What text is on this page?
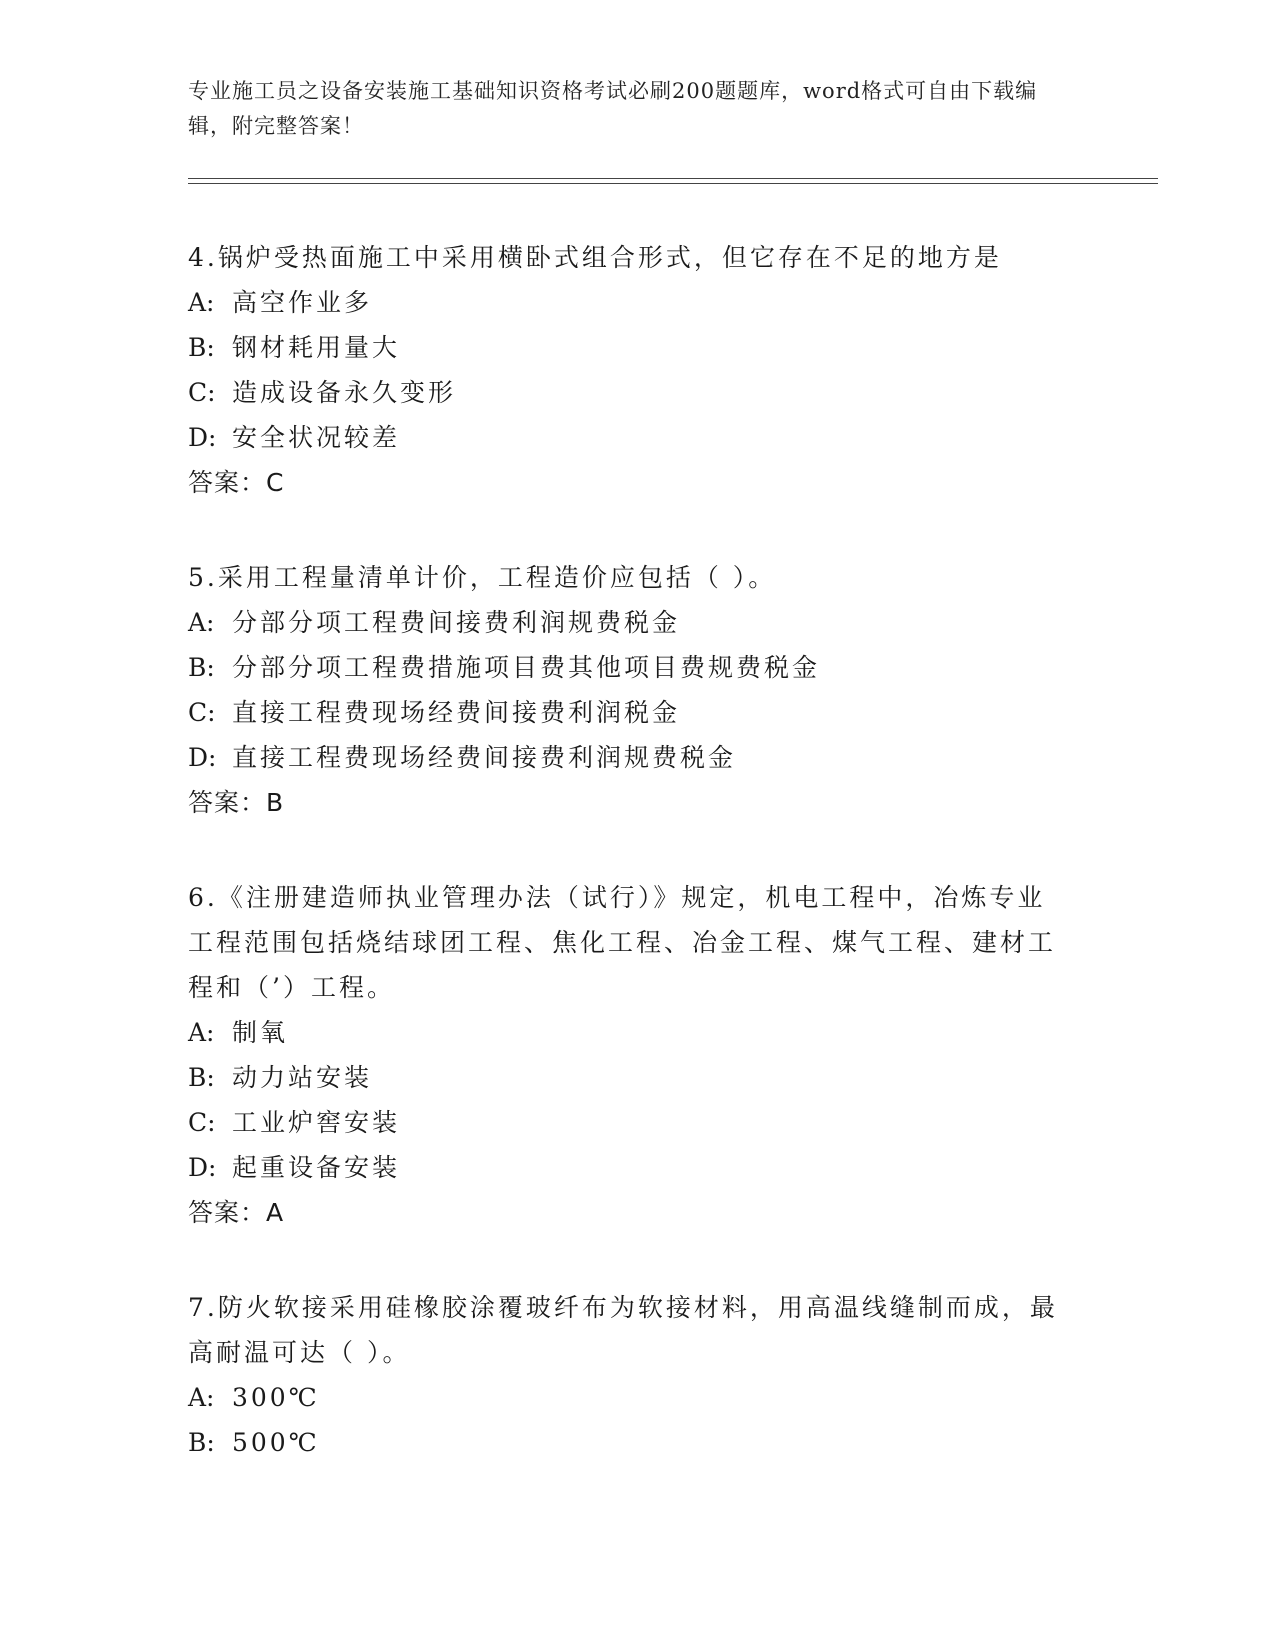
专业施工员之设备安装施工基础知识资格考试必刷200题题库，word格式可自由下载编辑，附完整答案！

4.锅炉受热面施工中采用横卧式组合形式，但它存在不足的地方是

A: 高空作业多

B: 钢材耗用量大

C: 造成设备永久变形

D: 安全状况较差

答案：C

5.采用工程量清单计价，工程造价应包括（ ）。

A: 分部分项工程费间接费利润规费税金

B: 分部分项工程费措施项目费其他项目费规费税金

C: 直接工程费现场经费间接费利润税金

D: 直接工程费现场经费间接费利润规费税金

答案：B

6.《注册建造师执业管理办法（试行）》规定，机电工程中，冶炼专业工程范围包括烧结球团工程、焦化工程、冶金工程、煤气工程、建材工程和（’）工程。

A: 制氧

B: 动力站安装

C: 工业炉窖安装

D: 起重设备安装

答案：A

7.防火软接采用硅橡胶涂覆玻纤布为软接材料，用高温线缝制而成，最高耐温可达（ ）。

A: 300℃

B: 500℃
